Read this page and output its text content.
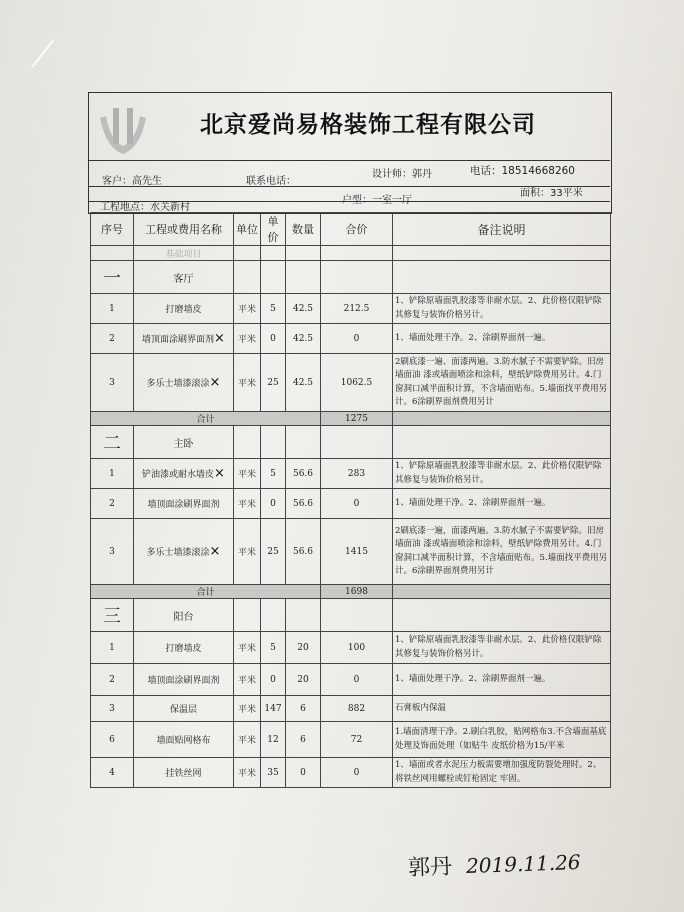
北京爱尚易格装饰工程有限公司
设计师：郭丹	电话：18514668260
客户：高先生	联系电话：
工程地点：水关新村
户型：一室一厅
面积：33平米
序号	工程或费用名称	单位	单价	数量	合价	备注说明
	基础项目					
一	客厅					
1	打磨墙皮	平米	5	42.5	212.5	1、铲除原墙面乳胶漆等非耐水层。2、此价格仅限铲除其修复与装饰价格另计。
2	墙顶面涂刷界面剂×	平米	0	42.5	0	1、墙面处理干净。2、涂刷界面剂一遍。
3	多乐士墙漆滚涂×	平米	25	42.5	1062.5	2刷底漆一遍、面漆两遍。3.防水腻子不需要铲除。旧房墙面油 漆或墙面喷涂和涂料，壁纸铲除费用另计。4.门窗洞口减半面积计算，不含墙面贴布。5.墙面找平费用另计。6涂刷界面剂费用另计
合计					1275	
二	主卧					
1	铲油漆或耐水墙皮×	平米	5	56.6	283	1、铲除原墙面乳胶漆等非耐水层。2、此价格仅限铲除其修复与装饰价格另计。
2	墙顶面涂刷界面剂	平米	0	56.6	0	1、墙面处理干净。2、涂刷界面剂一遍。
3	多乐士墙漆滚涂×	平米	25	56.6	1415	2刷底漆一遍，面漆两遍。3.防水腻子不需要铲除。旧房墙面油 漆或墙面喷涂和涂料，壁纸铲除费用另计。4.门窗洞口减半面积计算，不含墙面贴布。5.墙面找平费用另计。6涂刷界面剂费用另计
合计					1698	
三	阳台					
1	打磨墙皮	平米	5	20	100	1、铲除原墙面乳胶漆等非耐水层。2、此价格仅限铲除其修复与装饰价格另计。
2	墙顶面涂刷界面剂	平米	0	20	0	1、墙面处理干净。2、涂刷界面剂一遍。
3	保温层	平米	147	6	882	石膏板内保温
6	墙面贴网格布	平米	12	6	72	1.墙面清理干净。2.刷白乳胶，贴网格布3.不含墙面基底处理及饰面处理（如贴牛 皮纸价格为15/平米
4	挂铁丝网	平米	35	0	0	1、墙面或者水泥压力板需要增加强度防裂处理时。2、将铁丝网用螺栓或钉枪固定 牢固。
郭丹 2019.11.26
